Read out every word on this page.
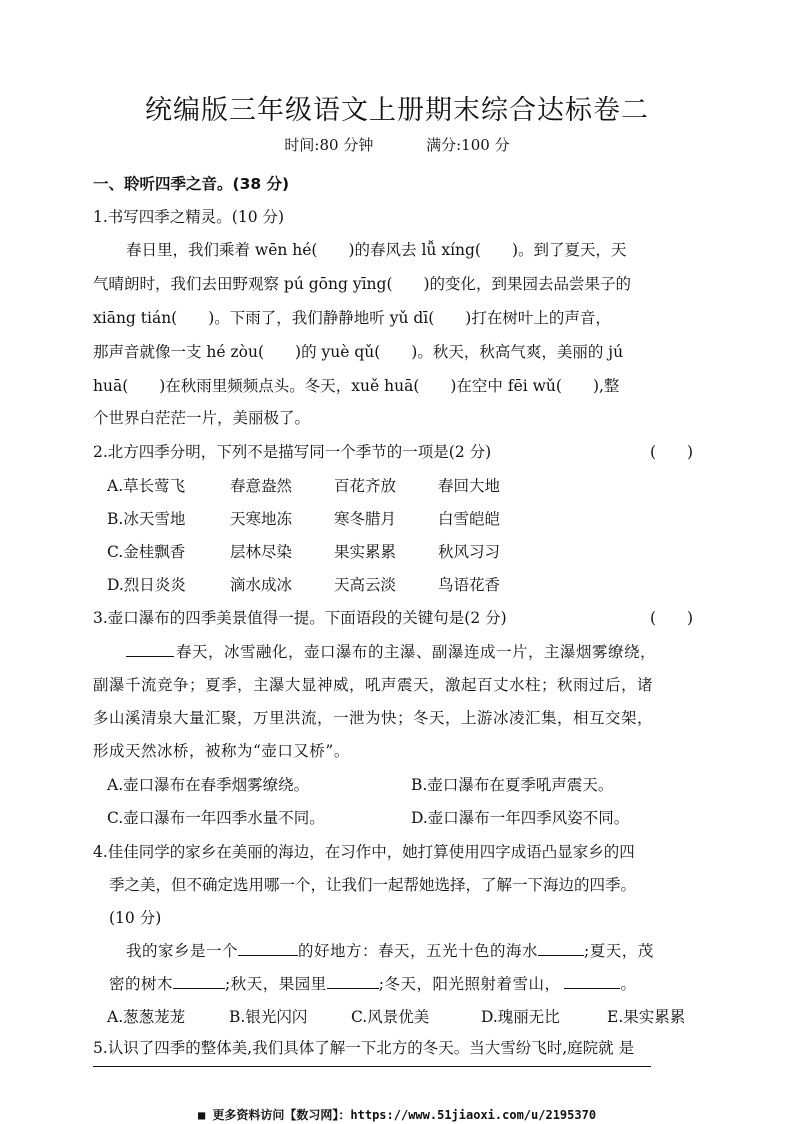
统编版三年级语文上册期末综合达标卷二
时间:80 分钟	满分:100 分
一、聆听四季之音。(38 分)
1.书写四季之精灵。(10 分)
春日里，我们乘着 wēn hé(　　)的春风去 lǚ xíng(　　)。到了夏天，天
气晴朗时，我们去田野观察 pú gōng yīng(　　)的变化，到果园去品尝果子的
xiāng tián(　　)。下雨了，我们静静地听 yǔ dī(　　)打在树叶上的声音，
那声音就像一支 hé zòu(　　)的 yuè qǔ(　　)。秋天，秋高气爽，美丽的 jú
huā(　　)在秋雨里频频点头。冬天，xuě huā(　　)在空中 fēi wǔ(　　),整
个世界白茫茫一片，美丽极了。
2.北方四季分明，下列不是描写同一个季节的一项是(2 分)	(　　)
A.草长莺飞	春意盎然	百花齐放	春回大地
B.冰天雪地	天寒地冻	寒冬腊月	白雪皑皑
C.金桂飘香	层林尽染	果实累累	秋风习习
D.烈日炎炎	滴水成冰	天高云淡	鸟语花香
3.壶口瀑布的四季美景值得一提。下面语段的关键句是(2 分)	(　　)
春天，冰雪融化，壶口瀑布的主瀑、副瀑连成一片，主瀑烟雾缭绕，
副瀑千流竞争；夏季，主瀑大显神威，吼声震天，激起百丈水柱；秋雨过后，诸
多山溪清泉大量汇聚，万里洪流，一泄为快；冬天，上游冰凌汇集，相互交架，
形成天然冰桥，被称为“壶口又桥”。
A.壶口瀑布在春季烟雾缭绕。	B.壶口瀑布在夏季吼声震天。
C.壶口瀑布一年四季水量不同。	D.壶口瀑布一年四季风姿不同。
4.佳佳同学的家乡在美丽的海边，在习作中，她打算使用四字成语凸显家乡的四
季之美，但不确定选用哪一个，让我们一起帮她选择，了解一下海边的四季。
(10 分)
我的家乡是一个	的好地方：春天，五光十色的海水	;夏天，茂
密的树木	;秋天，果园里	;冬天，阳光照射着雪山，	。
A.葱葱茏茏	B.银光闪闪	C.风景优美	D.瑰丽无比	E.果实累累
5.认识了四季的整体美,我们具体了解一下北方的冬天。当大雪纷飞时,庭院就 是
■ 更多资料访问【数习网】：https://www.51jiaoxi.com/u/2195370
